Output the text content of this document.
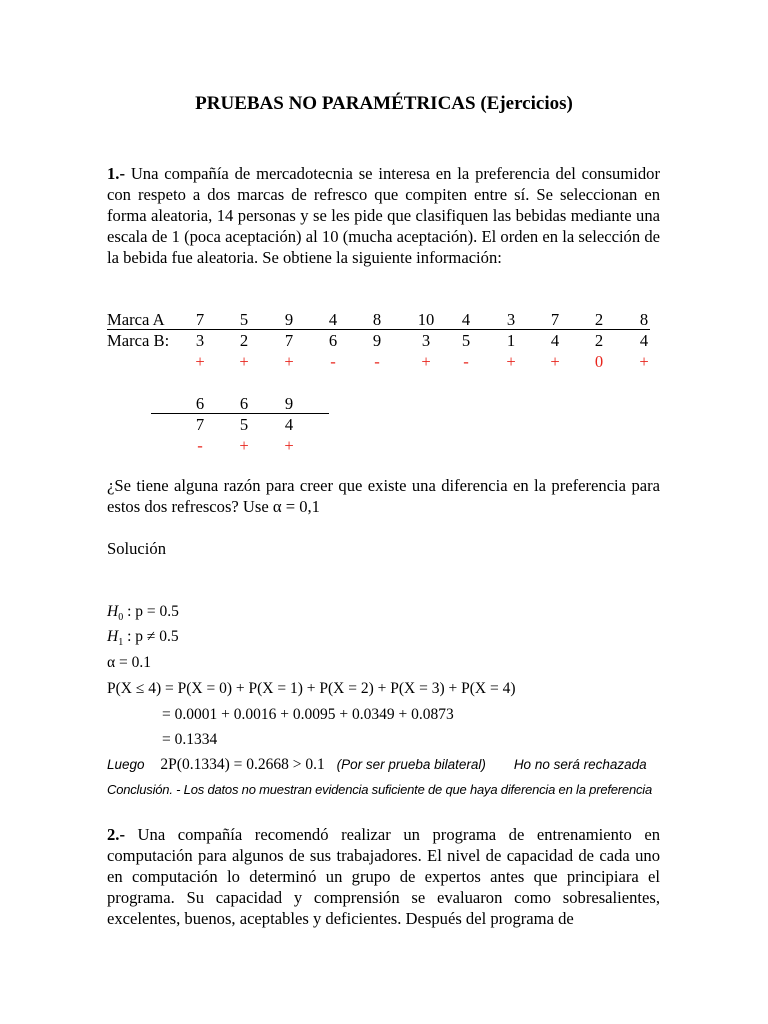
PRUEBAS NO PARAMÉTRICAS (Ejercicios)
1.- Una compañía de mercadotecnia se interesa en la preferencia del consumidor con respeto a dos marcas de refresco que compiten entre sí. Se seleccionan en forma aleatoria, 14 personas y se les pide que clasifiquen las bebidas mediante una escala de 1 (poca aceptación) al 10 (mucha aceptación). El orden en la selección de la bebida fue aleatoria. Se obtiene la siguiente información:
Marca A	7	5	9	4	8	10	4	3	7	2	8
Marca B:	3	2	7	6	9	3	5	1	4	2	4
+	+	+	-	-	+	-	+	+	0	+
6	6	9
7	5	4
-	+	+
¿Se tiene alguna razón para creer que existe una diferencia en la preferencia para estos dos refrescos? Use α = 0,1
Solución
$H_0$ : p = 0.5
$H_1$ : p ≠ 0.5
α = 0.1
P(X ≤ 4) = P(X = 0) + P(X = 1) + P(X = 2) + P(X = 3) + P(X = 4)
= 0.0001 + 0.0016 + 0.0095 + 0.0349 + 0.0873
= 0.1334
Luego 2P(0.1334) = 0.2668 > 0.1 (Por ser prueba bilateral) Ho no será rechazada
Conclusión. - Los datos no muestran evidencia suficiente de que haya diferencia en la preferencia
2.- Una compañía recomendó realizar un programa de entrenamiento en computación para algunos de sus trabajadores. El nivel de capacidad de cada uno en computación lo determinó un grupo de expertos antes que principiara el programa. Su capacidad y comprensión se evaluaron como sobresalientes, excelentes, buenos, aceptables y deficientes. Después del programa de
